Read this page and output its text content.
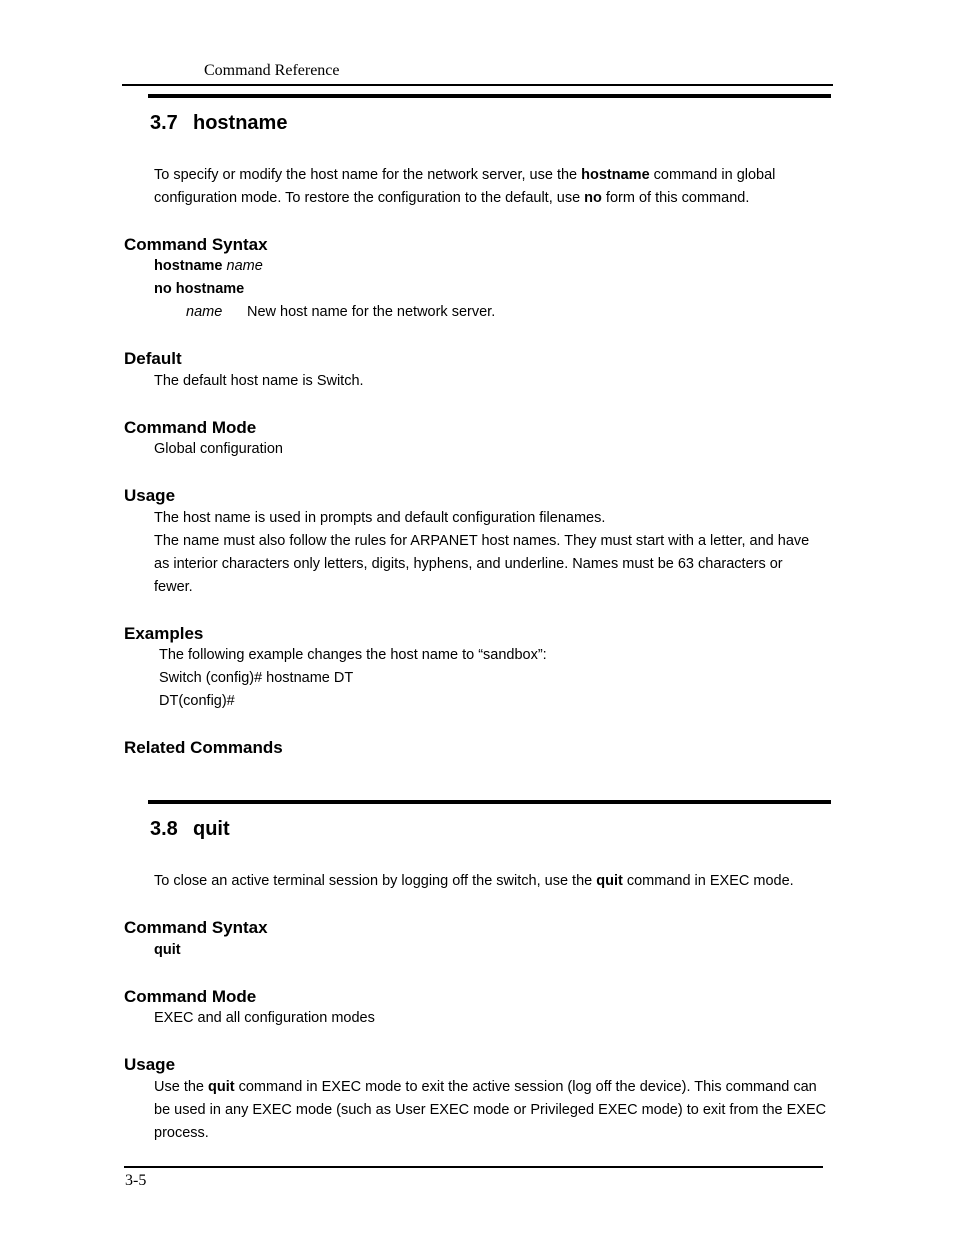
Command Reference
3.7 hostname
To specify or modify the host name for the network server, use the hostname command in global
configuration mode. To restore the configuration to the default, use no form of this command.
Command Syntax
hostname name
no hostname
name New host name for the network server.
Default
The default host name is Switch.
Command Mode
Global configuration
Usage
The host name is used in prompts and default configuration filenames.
The name must also follow the rules for ARPANET host names. They must start with a letter, and have
as interior characters only letters, digits, hyphens, and underline. Names must be 63 characters or
fewer.
Examples
The following example changes the host name to “sandbox”:
Switch (config)# hostname DT
DT(config)#
Related Commands
3.8 quit
To close an active terminal session by logging off the switch, use the quit command in EXEC mode.
Command Syntax
quit
Command Mode
EXEC and all configuration modes
Usage
Use the quit command in EXEC mode to exit the active session (log off the device). This command can
be used in any EXEC mode (such as User EXEC mode or Privileged EXEC mode) to exit from the EXEC
process.
3-5
